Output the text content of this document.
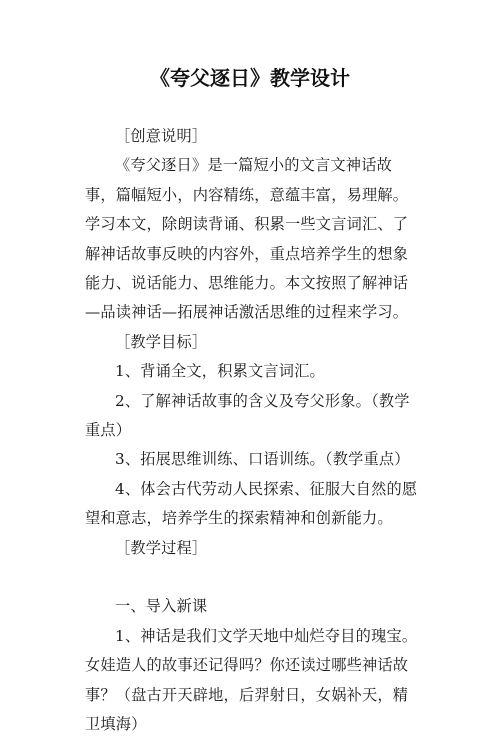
《夸父逐日》教学设计

［创意说明］

《夸父逐日》是一篇短小的文言文神话故事，篇幅短小，内容精练，意蕴丰富，易理解。学习本文，除朗读背诵、积累一些文言词汇、了解神话故事反映的内容外，重点培养学生的想象能力、说话能力、思维能力。本文按照了解神话—品读神话—拓展神话激活思维的过程来学习。

［教学目标］

1、背诵全文，积累文言词汇。

2、了解神话故事的含义及夸父形象。（教学重点）

3、拓展思维训练、口语训练。（教学重点）

4、体会古代劳动人民探索、征服大自然的愿望和意志，培养学生的探索精神和创新能力。

［教学过程］

一、导入新课

1、神话是我们文学天地中灿烂夺目的瑰宝。女娃造人的故事还记得吗？你还读过哪些神话故事？（盘古开天辟地，后羿射日，女娲补天，精卫填海）
